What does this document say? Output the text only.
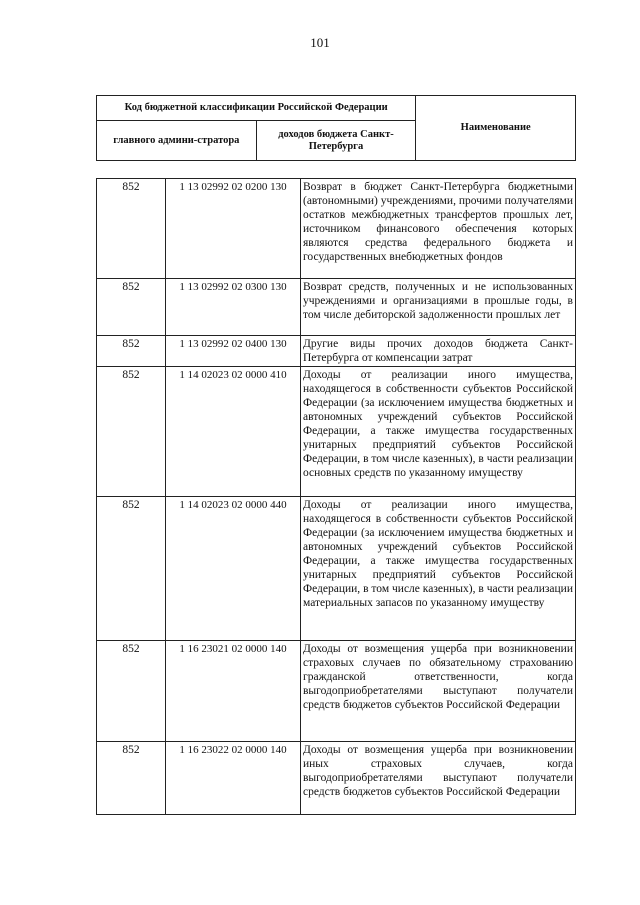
101
Код бюджетной классификации Российской Федерации		Наименование
главного админи-стратора	доходов бюджета Санкт-Петербурга	
852	1 13 02992 02 0200 130	Возврат в бюджет Санкт-Петербурга бюджетными (автономными) учреждениями, прочими получателями остатков межбюджетных трансфертов прошлых лет, источником финансового обеспечения которых являются средства федерального бюджета и государственных внебюджетных фондов
852	1 13 02992 02 0300 130	Возврат средств, полученных и не использованных учреждениями и организациями в прошлые годы, в том числе дебиторской задолженности прошлых лет
852	1 13 02992 02 0400 130	Другие виды прочих доходов бюджета Санкт-Петербурга от компенсации затрат
852	1 14 02023 02 0000 410	Доходы от реализации иного имущества, находящегося в собственности субъектов Российской Федерации (за исключением имущества бюджетных и автономных учреждений субъектов Российской Федерации, а также имущества государственных унитарных предприятий субъектов Российской Федерации, в том числе казенных), в части реализации основных средств по указанному имуществу
852	1 14 02023 02 0000 440	Доходы от реализации иного имущества, находящегося в собственности субъектов Российской Федерации (за исключением имущества бюджетных и автономных учреждений субъектов Российской Федерации, а также имущества государственных унитарных предприятий субъектов Российской Федерации, в том числе казенных), в части реализации материальных запасов по указанному имуществу
852	1 16 23021 02 0000 140	Доходы от возмещения ущерба при возникновении страховых случаев по обязательному страхованию гражданской ответственности, когда выгодоприобретателями выступают получатели средств бюджетов субъектов Российской Федерации
852	1 16 23022 02 0000 140	Доходы от возмещения ущерба при возникновении иных страховых случаев, когда выгодоприобретателями выступают получатели средств бюджетов субъектов Российской Федерации
